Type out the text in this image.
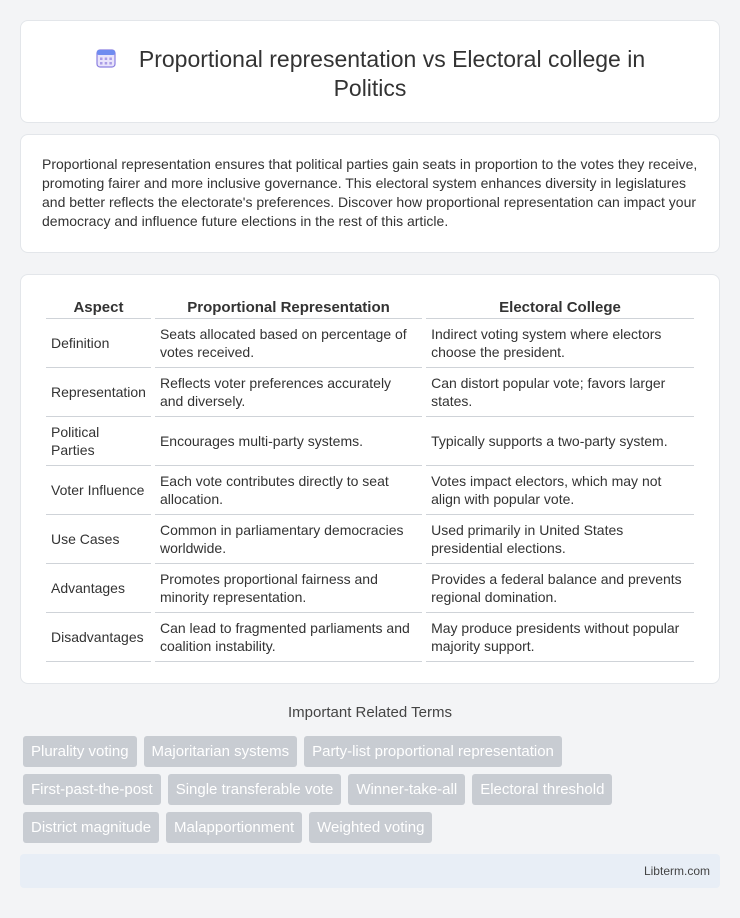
Proportional representation vs Electoral college in Politics

Proportional representation ensures that political parties gain seats in proportion to the votes they receive, promoting fairer and more inclusive governance. This electoral system enhances diversity in legislatures and better reflects the electorate's preferences. Discover how proportional representation can impact your democracy and influence future elections in the rest of this article.

Aspect	Proportional Representation	Electoral College
Definition	Seats allocated based on percentage of votes received.	Indirect voting system where electors choose the president.
Representation	Reflects voter preferences accurately and diversely.	Can distort popular vote; favors larger states.
Political Parties	Encourages multi-party systems.	Typically supports a two-party system.
Voter Influence	Each vote contributes directly to seat allocation.	Votes impact electors, which may not align with popular vote.
Use Cases	Common in parliamentary democracies worldwide.	Used primarily in United States presidential elections.
Advantages	Promotes proportional fairness and minority representation.	Provides a federal balance and prevents regional domination.
Disadvantages	Can lead to fragmented parliaments and coalition instability.	May produce presidents without popular majority support.
Important Related Terms
Plurality voting	Majoritarian systems	Party-list proportional representation
First-past-the-post	Single transferable vote	Winner-take-all	Electoral threshold
District magnitude	Malapportionment	Weighted voting
Libterm.com
